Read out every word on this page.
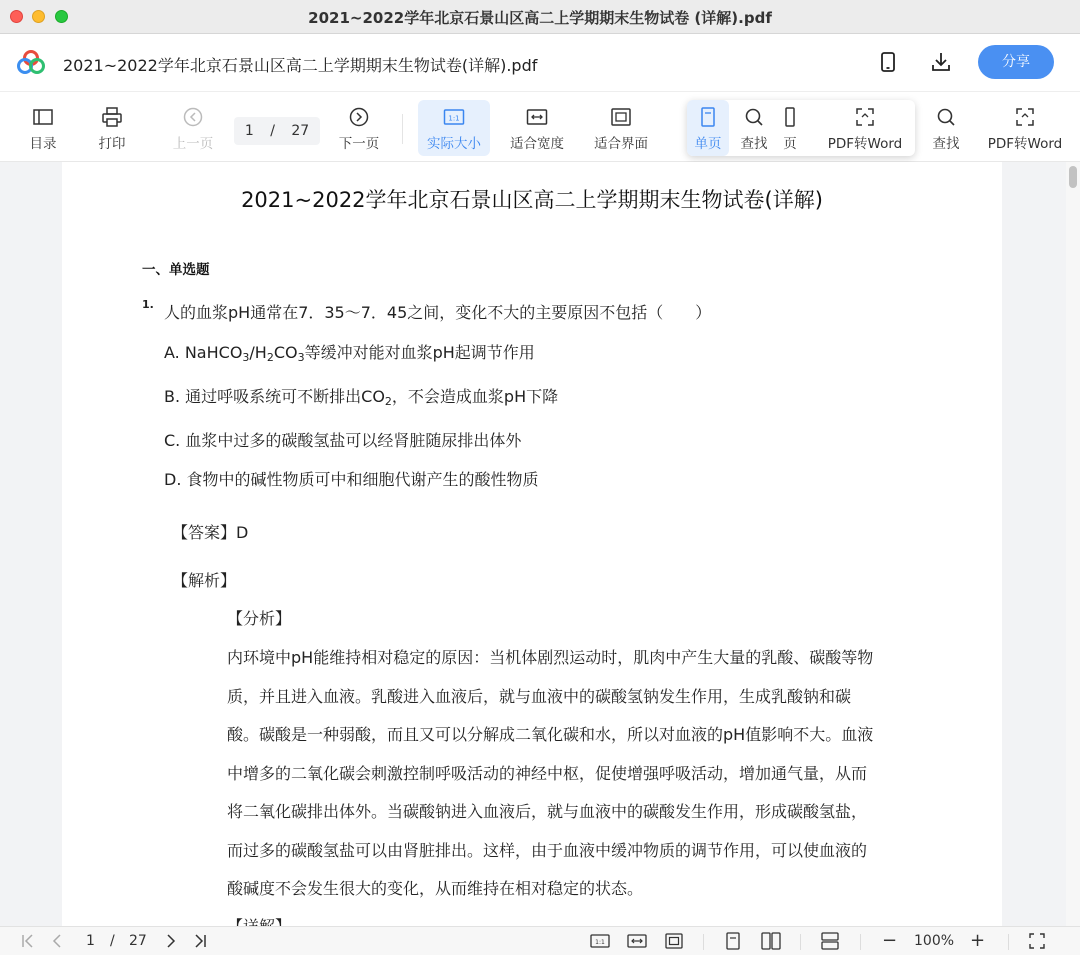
2021~2022学年北京石景山区高二上学期期末生物试卷 (详解).pdf
2021~2022学年北京石景山区高二上学期期末生物试卷(详解).pdf	分享
目录	打印	上一页
1 / 27
下一页
1:1
实际大小	适合宽度	适合界面	单页	查找	页	PDF转Word	查找	PDF转Word
2021~2022学年北京石景山区高二上学期期末生物试卷(详解)
一、单选题
1. 人的血浆pH通常在7．35～7．45之间，变化不大的主要原因不包括（　　）
A. $NaHCO_3/H_2CO_3$等缓冲对能对血浆pH起调节作用
B. 通过呼吸系统可不断排出$CO_2$，不会造成血浆pH下降
C. 血浆中过多的碳酸氢盐可以经肾脏随尿排出体外
D. 食物中的碱性物质可中和细胞代谢产生的酸性物质
【答案】D
【解析】
【分析】
内环境中pH能维持相对稳定的原因：当机体剧烈运动时，肌肉中产生大量的乳酸、碳酸等物
质，并且进入血液。乳酸进入血液后，就与血液中的碳酸氢钠发生作用，生成乳酸钠和碳
酸。碳酸是一种弱酸，而且又可以分解成二氧化碳和水，所以对血液的pH值影响不大。血液
中增多的二氧化碳会刺激控制呼吸活动的神经中枢，促使增强呼吸活动，增加通气量，从而
将二氧化碳排出体外。当碳酸钠进入血液后，就与血液中的碳酸发生作用，形成碳酸氢盐，
而过多的碳酸氢盐可以由肾脏排出。这样，由于血液中缓冲物质的调节作用，可以使血液的
酸碱度不会发生很大的变化，从而维持在相对稳定的状态。
1 / 27	1:1	− 100% +
